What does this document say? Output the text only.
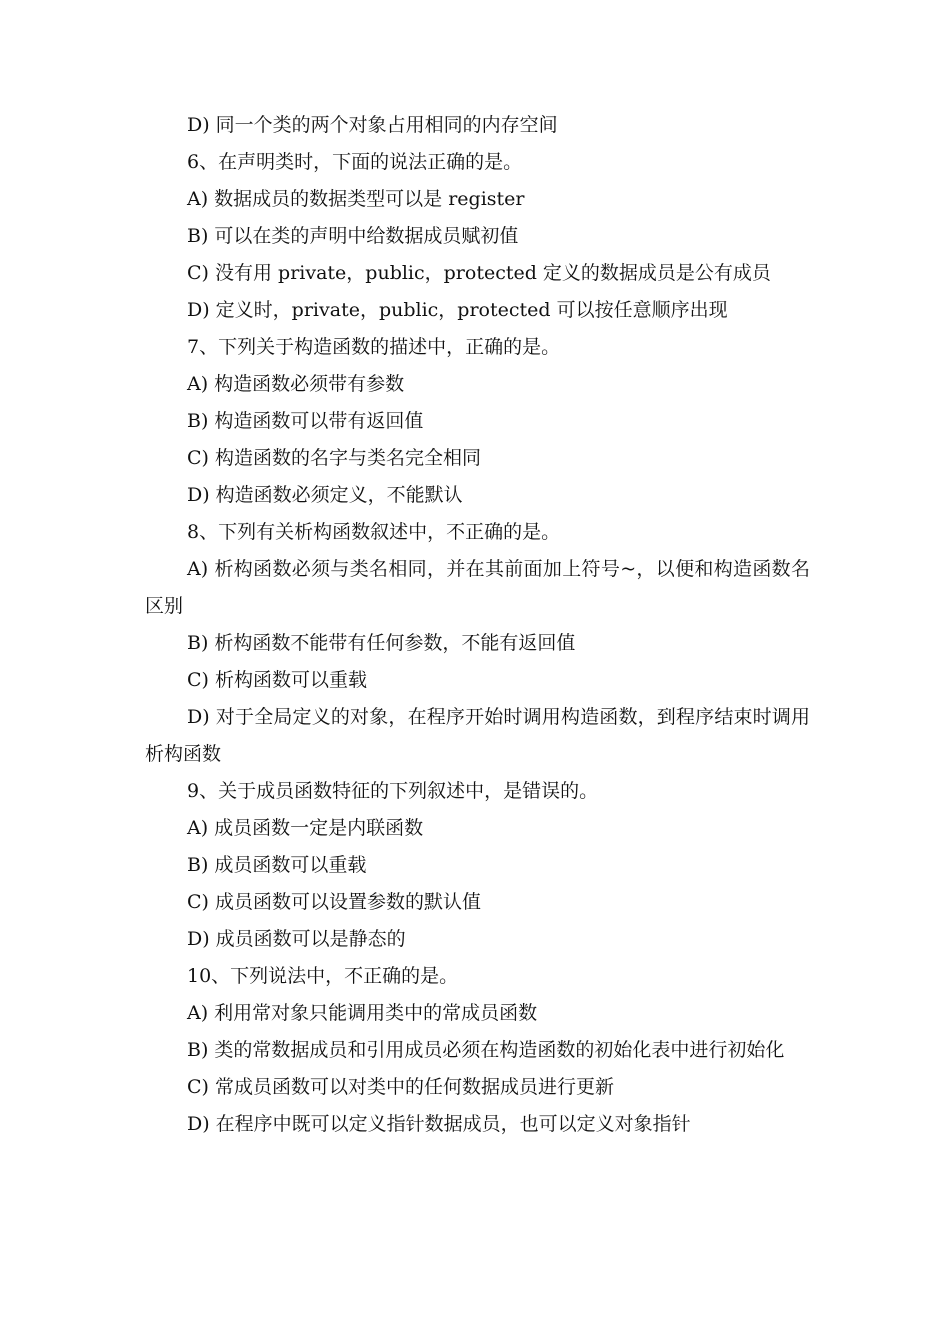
D) 同一个类的两个对象占用相同的内存空间

6、在声明类时，下面的说法正确的是。

A) 数据成员的数据类型可以是 register

B) 可以在类的声明中给数据成员赋初值

C) 没有用 private，public，protected 定义的数据成员是公有成员

D) 定义时，private，public，protected 可以按任意顺序出现

7、下列关于构造函数的描述中，正确的是。

A) 构造函数必须带有参数

B) 构造函数可以带有返回值

C) 构造函数的名字与类名完全相同

D) 构造函数必须定义，不能默认

8、下列有关析构函数叙述中，不正确的是。

A) 析构函数必须与类名相同，并在其前面加上符号~，以便和构造函数名区别

B) 析构函数不能带有任何参数，不能有返回值

C) 析构函数可以重载

D) 对于全局定义的对象，在程序开始时调用构造函数，到程序结束时调用析构函数

9、关于成员函数特征的下列叙述中，是错误的。

A) 成员函数一定是内联函数

B) 成员函数可以重载

C) 成员函数可以设置参数的默认值

D) 成员函数可以是静态的

10、下列说法中，不正确的是。

A) 利用常对象只能调用类中的常成员函数

B) 类的常数据成员和引用成员必须在构造函数的初始化表中进行初始化

C) 常成员函数可以对类中的任何数据成员进行更新

D) 在程序中既可以定义指针数据成员，也可以定义对象指针
